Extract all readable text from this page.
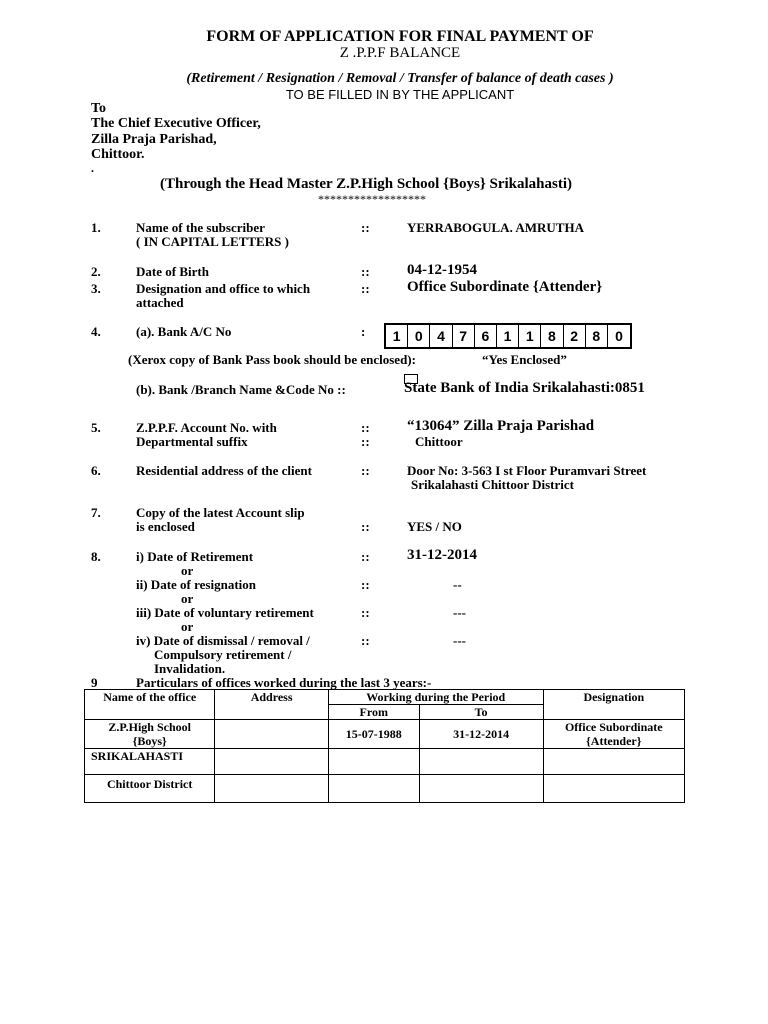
FORM OF APPLICATION FOR FINAL PAYMENT OF
Z .P.P.F BALANCE
(Retirement / Resignation / Removal / Transfer of balance of death cases )
TO BE FILLED IN BY THE APPLICANT
To
The Chief Executive Officer,
Zilla Praja Parishad,
Chittoor.
.
(Through the Head Master Z.P.High School {Boys} Srikalahasti)
******************
1.	Name of the subscriber
( IN CAPITAL LETTERS )
::	YERRABOGULA. AMRUTHA
2.	Date of Birth	:: 04-12-1954
3.	Designation and office to which
attached
:: Office Subordinate {Attender}
4.	(a). Bank A/C No	:	1	0	4	7	6	1	1	8	2	8	0
(Xerox copy of Bank Pass book should be enclosed):	“Yes Enclosed”
(b). Bank /Branch Name &Code No ::	State Bank of India Srikalahasti:0851
5.	Z.P.P.F. Account No. with
Departmental suffix
::
::
“13064” Zilla Praja Parishad
Chittoor
6.	Residential address of the client	::	Door No: 3-563 I st Floor Puramvari Street
Srikalahasti Chittoor District
7.	Copy of the latest Account slip
is enclosed	::	YES / NO
8.	i) Date of Retirement	:: 31-12-2014
or
ii) Date of resignation	::	--
or
iii) Date of voluntary retirement	::	---
or
iv) Date of dismissal / removal /
Compulsory retirement /
Invalidation.
::	---
9	Particulars of offices worked during the last 3 years:-
Name of the office	Address	Working during the Period		Designation
		From	To	
Z.P.High School
{Boys}		15-07-1988	31-12-2014	Office Subordinate
{Attender}
SRIKALAHASTI				
Chittoor District				
